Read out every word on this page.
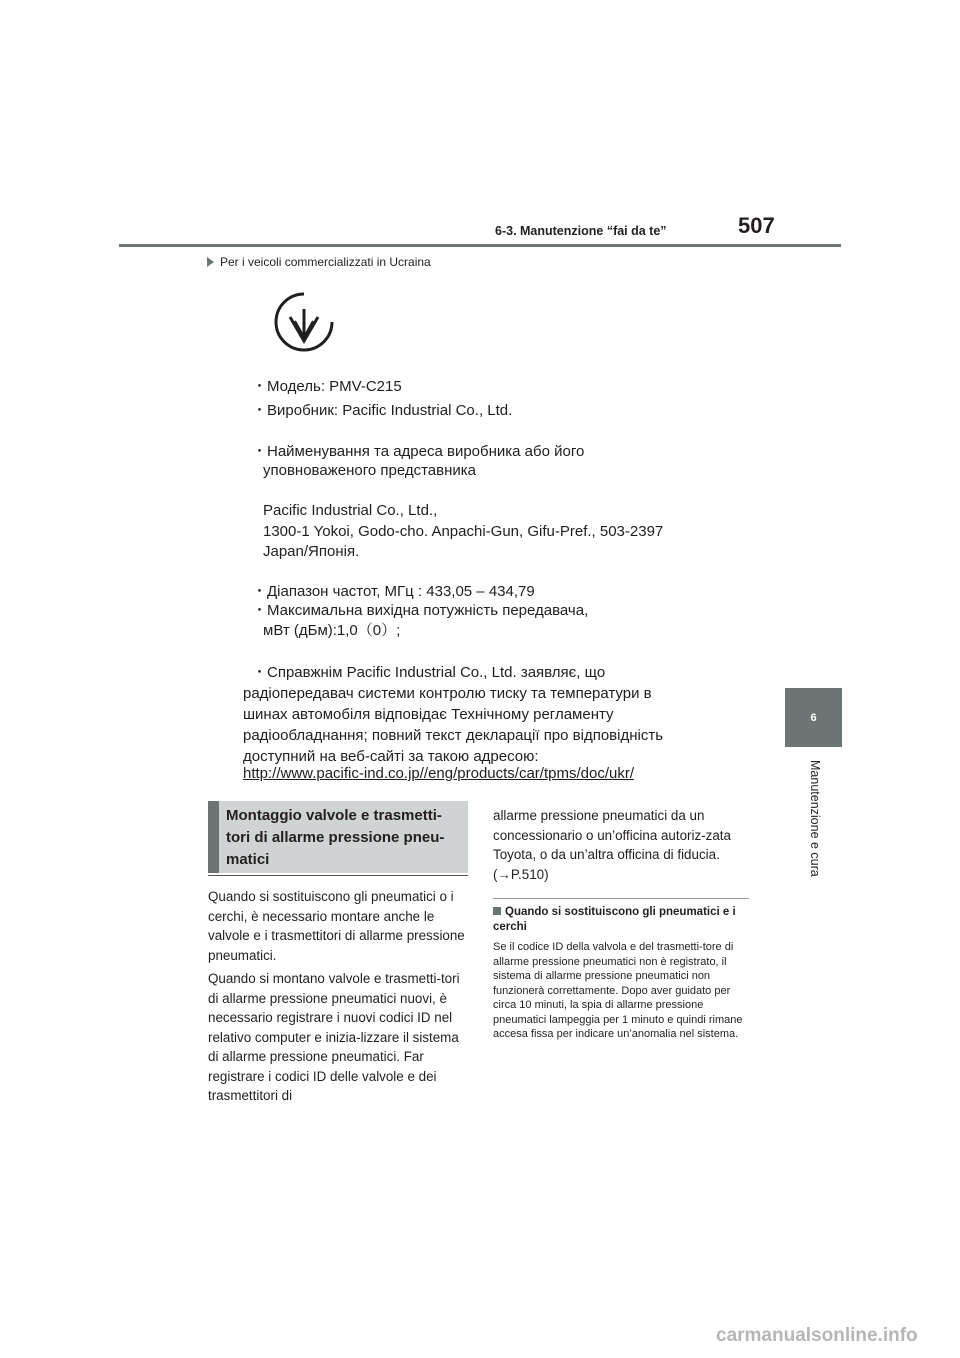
6-3. Manutenzione “fai da te”	507
6
Manutenzione e cura
Per i veicoli commercializzati in Ucraina
・Модель: PMV-C215
・Виробник: Pacific Industrial Co., Ltd.
・Найменування та адреса виробника або його
уповноваженого представника
Pacific Industrial Co., Ltd.,
1300-1 Yokoi, Godo-cho. Anpachi-Gun, Gifu-Pref., 503-2397
Japan/Японія.
・Діапазон частот, МГц : 433,05 – 434,79
・Максимальна вихідна потужність передавача,
мВт (дБм):1,0（0）;
・Справжнім Pacific Industrial Co., Ltd. заявляє, що
радіопередавач системи контролю тиску та температури в
шинах автомобіля відповідає Технічному регламенту
радіообладнання; повний текст декларації про відповідність
доступний на веб-сайті за такою адресою:
http://www.pacific-ind.co.jp//eng/products/car/tpms/doc/ukr/
Montaggio valvole e trasmetti-tori di allarme pressione pneu-matici

Quando si sostituiscono gli pneumatici o i cerchi, è necessario montare anche le valvole e i trasmettitori di allarme pressione pneumatici.

Quando si montano valvole e trasmetti-tori di allarme pressione pneumatici nuovi, è necessario registrare i nuovi codici ID nel relativo computer e inizia-lizzare il sistema di allarme pressione pneumatici. Far registrare i codici ID delle valvole e dei trasmettitori di

allarme pressione pneumatici da un concessionario o un’officina autoriz-zata Toyota, o da un’altra officina di fiducia. (→P.510)
Quando si sostituiscono gli pneumatici e i cerchi
Se il codice ID della valvola e del trasmetti-tore di allarme pressione pneumatici non è registrato, il sistema di allarme pressione pneumatici non funzionerà correttamente. Dopo aver guidato per circa 10 minuti, la spia di allarme pressione pneumatici lampeggia per 1 minuto e quindi rimane accesa fissa per indicare un’anomalia nel sistema.
carmanualsonline.info
